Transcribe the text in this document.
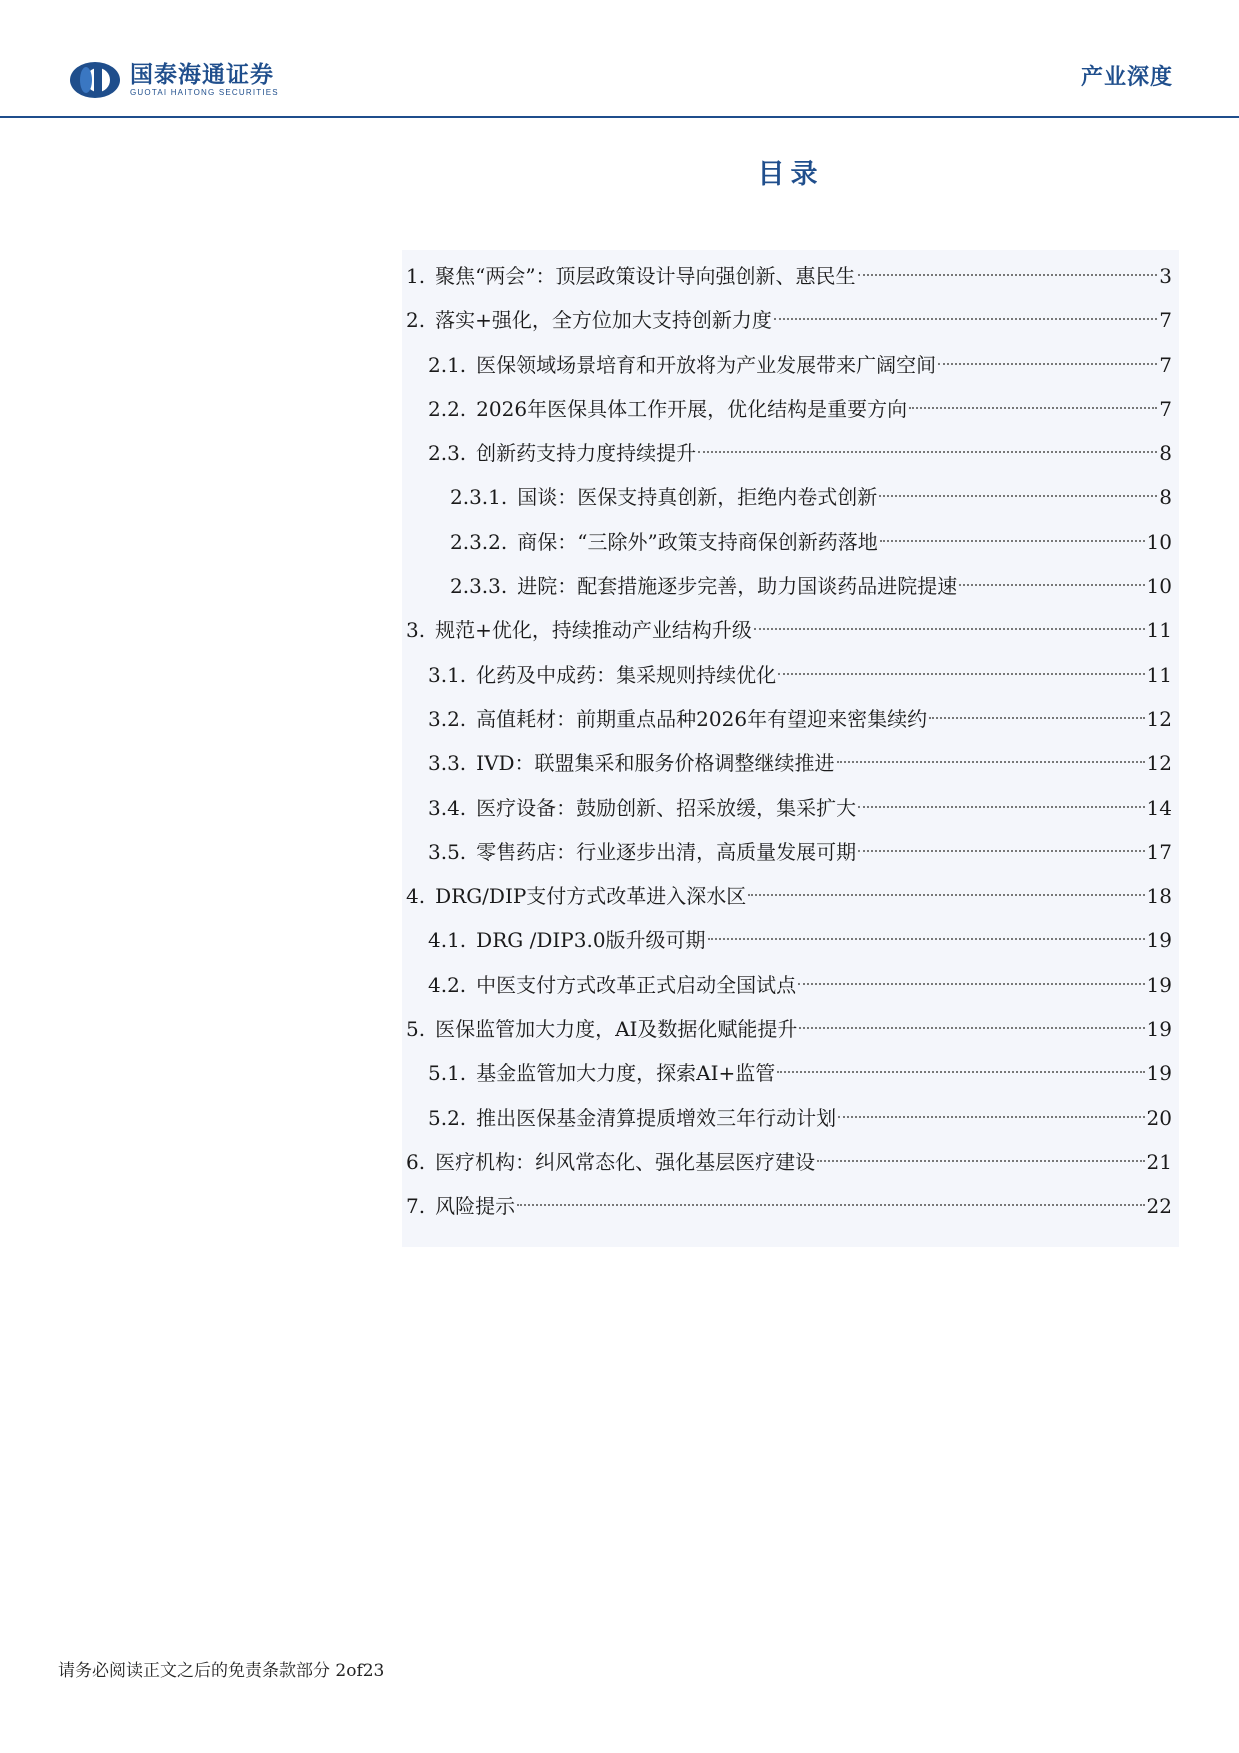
国泰海通证券
GUOTAI HAITONG SECURITIES
产业深度
目录
1. 聚焦“两会”：顶层政策设计导向强创新、惠民生	3
2. 落实+强化，全方位加大支持创新力度	7
2.1. 医保领域场景培育和开放将为产业发展带来广阔空间	7
2.2. 2026年医保具体工作开展，优化结构是重要方向	7
2.3. 创新药支持力度持续提升	8
2.3.1. 国谈：医保支持真创新，拒绝内卷式创新	8
2.3.2. 商保：“三除外”政策支持商保创新药落地	10
2.3.3. 进院：配套措施逐步完善，助力国谈药品进院提速	10
3. 规范+优化，持续推动产业结构升级	11
3.1. 化药及中成药：集采规则持续优化	11
3.2. 高值耗材：前期重点品种2026年有望迎来密集续约	12
3.3. IVD：联盟集采和服务价格调整继续推进	12
3.4. 医疗设备：鼓励创新、招采放缓，集采扩大	14
3.5. 零售药店：行业逐步出清，高质量发展可期	17
4. DRG/DIP支付方式改革进入深水区	18
4.1. DRG /DIP3.0版升级可期	19
4.2. 中医支付方式改革正式启动全国试点	19
5. 医保监管加大力度，AI及数据化赋能提升	19
5.1. 基金监管加大力度，探索AI+监管	19
5.2. 推出医保基金清算提质增效三年行动计划	20
6. 医疗机构：纠风常态化、强化基层医疗建设	21
7. 风险提示	22
请务必阅读正文之后的免责条款部分 2of23
